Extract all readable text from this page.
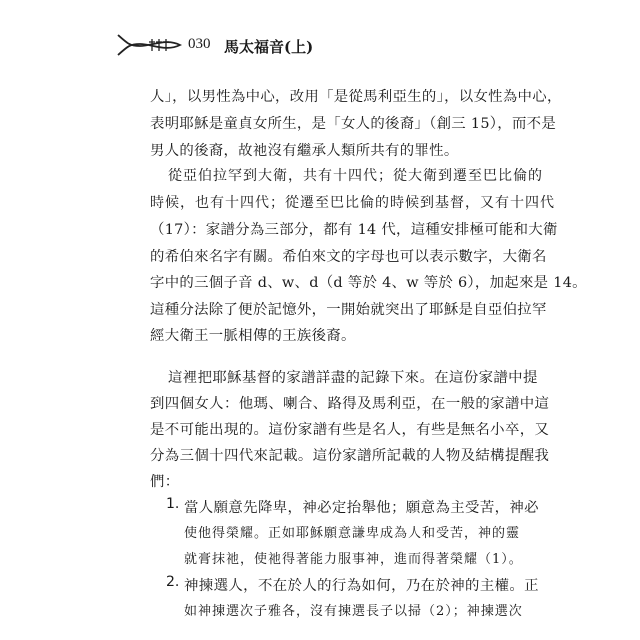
030 馬太福音(上)
人」，以男性為中心，改用「是從馬利亞生的」，以女性為中心，
表明耶穌是童貞女所生，是「女人的後裔」（創三 15），而不是
男人的後裔，故祂沒有繼承人類所共有的罪性。
從亞伯拉罕到大衛，共有十四代；從大衛到遷至巴比倫的
時候，也有十四代；從遷至巴比倫的時候到基督，又有十四代
（17）：家譜分為三部分，都有 14 代，這種安排極可能和大衛
的希伯來名字有關。希伯來文的字母也可以表示數字，大衛名
字中的三個子音 d、w、d（d 等於 4、w 等於 6），加起來是 14。
這種分法除了便於記憶外，一開始就突出了耶穌是自亞伯拉罕
經大衛王一脈相傳的王族後裔。
這裡把耶穌基督的家譜詳盡的記錄下來。在這份家譜中提
到四個女人：他瑪、喇合、路得及馬利亞，在一般的家譜中這
是不可能出現的。這份家譜有些是名人，有些是無名小卒，又
分為三個十四代來記載。這份家譜所記載的人物及結構提醒我
們：
1. 當人願意先降卑，神必定抬舉他；願意為主受苦，神必
使他得榮耀。正如耶穌願意謙卑成為人和受苦，神的靈
就膏抹祂，使祂得著能力服事神，進而得著榮耀（1）。
2. 神揀選人，不在於人的行為如何，乃在於神的主權。正
如神揀選次子雅各，沒有揀選長子以掃（2）；神揀選次
